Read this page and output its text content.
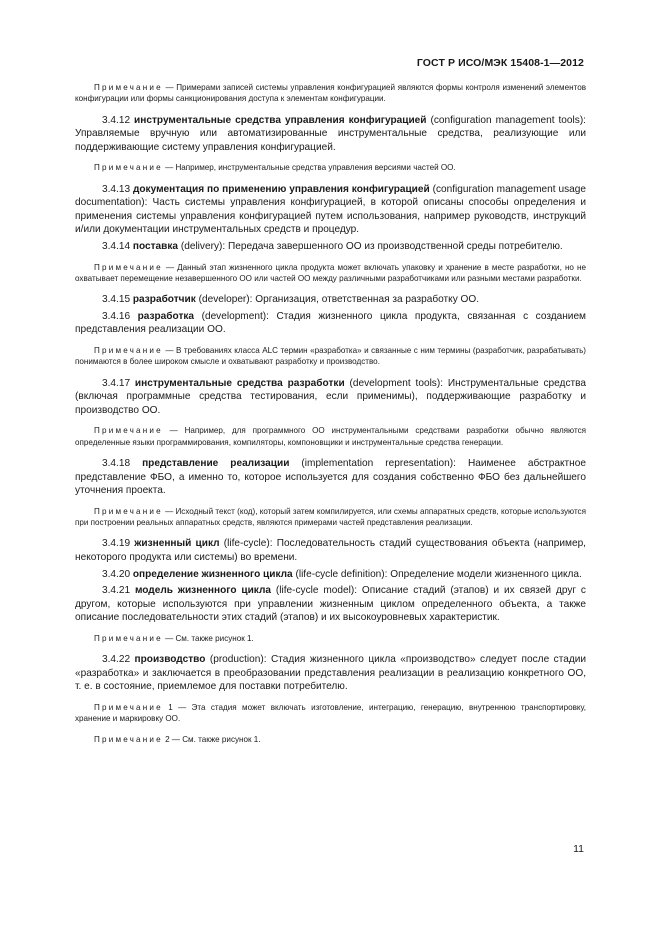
ГОСТ Р ИСО/МЭК 15408-1—2012

Примечание — Примерами записей системы управления конфигурацией являются формы контроля изменений элементов конфигурации или формы санкционирования доступа к элементам конфигурации.

3.4.12 инструментальные средства управления конфигурацией (configuration management tools): Управляемые вручную или автоматизированные инструментальные средства, реализующие или поддерживающие систему управления конфигурацией.

Примечание — Например, инструментальные средства управления версиями частей ОО.

3.4.13 документация по применению управления конфигурацией (configuration management usage documentation): Часть системы управления конфигурацией, в которой описаны способы определения и применения системы управления конфигурацией путем использования, например руководств, инструкций и/или документации инструментальных средств и процедур.

3.4.14 поставка (delivery): Передача завершенного ОО из производственной среды потребителю.

Примечание — Данный этап жизненного цикла продукта может включать упаковку и хранение в месте разработки, но не охватывает перемещение незавершенного ОО или частей ОО между различными разработчиками или разными местами разработки.

3.4.15 разработчик (developer): Организация, ответственная за разработку ОО.

3.4.16 разработка (development): Стадия жизненного цикла продукта, связанная с созданием представления реализации ОО.

Примечание — В требованиях класса ALC термин «разработка» и связанные с ним термины (разработчик, разрабатывать) понимаются в более широком смысле и охватывают разработку и производство.

3.4.17 инструментальные средства разработки (development tools): Инструментальные средства (включая программные средства тестирования, если применимы), поддерживающие разработку и производство ОО.

Примечание — Например, для программного ОО инструментальными средствами разработки обычно являются определенные языки программирования, компиляторы, компоновщики и инструментальные средства генерации.

3.4.18 представление реализации (implementation representation): Наименее абстрактное представление ФБО, а именно то, которое используется для создания собственно ФБО без дальнейшего уточнения проекта.

Примечание — Исходный текст (код), который затем компилируется, или схемы аппаратных средств, которые используются при построении реальных аппаратных средств, являются примерами частей представления реализации.

3.4.19 жизненный цикл (life-cycle): Последовательность стадий существования объекта (например, некоторого продукта или системы) во времени.

3.4.20 определение жизненного цикла (life-cycle definition): Определение модели жизненного цикла.

3.4.21 модель жизненного цикла (life-cycle model): Описание стадий (этапов) и их связей друг с другом, которые используются при управлении жизненным циклом определенного объекта, а также описание последовательности этих стадий (этапов) и их высокоуровневых характеристик.

Примечание — См. также рисунок 1.

3.4.22 производство (production): Стадия жизненного цикла «производство» следует после стадии «разработка» и заключается в преобразовании представления реализации в реализацию конкретного ОО, т. е. в состояние, приемлемое для поставки потребителю.

Примечание 1 — Эта стадия может включать изготовление, интеграцию, генерацию, внутреннюю транспортировку, хранение и маркировку ОО.

Примечание 2 — См. также рисунок 1.

11
